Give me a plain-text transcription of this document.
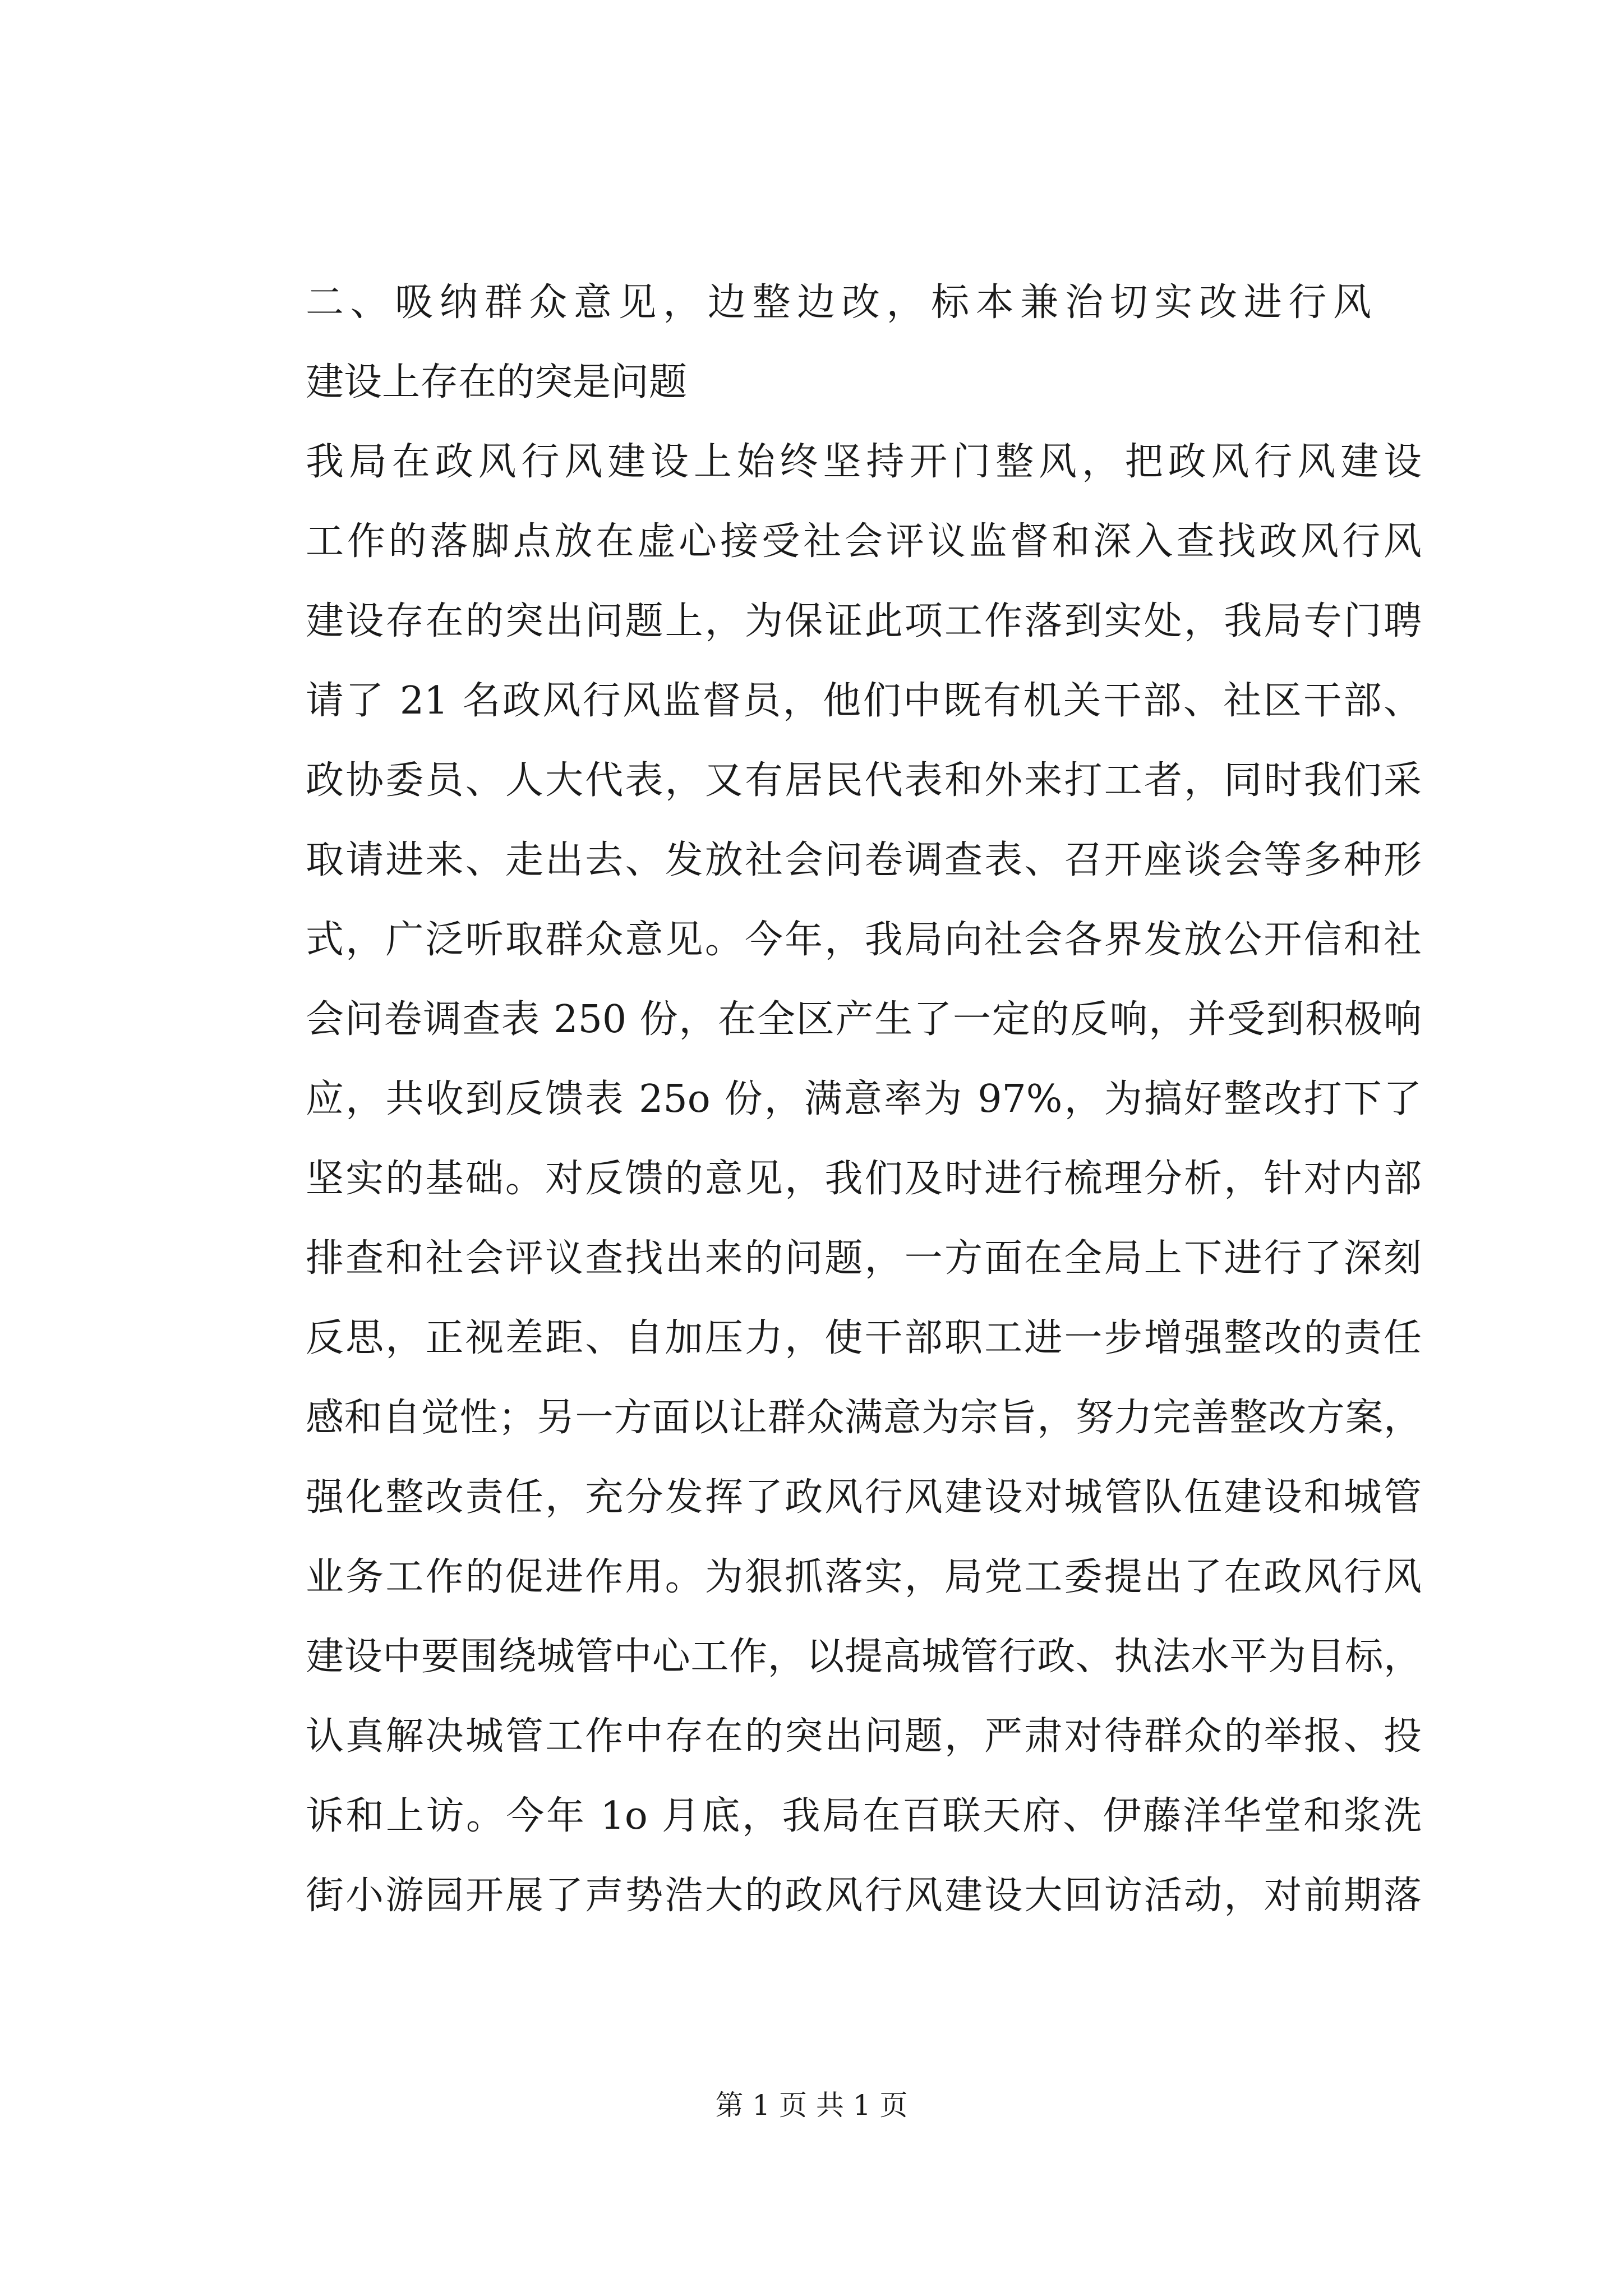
二、吸纳群众意见，边整边改，标本兼治切实改进行风
建设上存在的突是问题
我局在政风行风建设上始终坚持开门整风，把政风行风建设
工作的落脚点放在虚心接受社会评议监督和深入查找政风行风
建设存在的突出问题上，为保证此项工作落到实处，我局专门聘
请了 21 名政风行风监督员，他们中既有机关干部、社区干部、
政协委员、人大代表，又有居民代表和外来打工者，同时我们采
取请进来、走出去、发放社会问卷调查表、召开座谈会等多种形
式，广泛听取群众意见。今年，我局向社会各界发放公开信和社
会问卷调查表 250 份，在全区产生了一定的反响，并受到积极响
应，共收到反馈表 25o 份，满意率为 97%，为搞好整改打下了
坚实的基础。对反馈的意见，我们及时进行梳理分析，针对内部
排查和社会评议查找出来的问题，一方面在全局上下进行了深刻
反思，正视差距、自加压力，使干部职工进一步增强整改的责任
感和自觉性；另一方面以让群众满意为宗旨，努力完善整改方案，
强化整改责任，充分发挥了政风行风建设对城管队伍建设和城管
业务工作的促进作用。为狠抓落实，局党工委提出了在政风行风
建设中要围绕城管中心工作，以提高城管行政、执法水平为目标，
认真解决城管工作中存在的突出问题，严肃对待群众的举报、投
诉和上访。今年 1o 月底，我局在百联天府、伊藤洋华堂和浆洗
街小游园开展了声势浩大的政风行风建设大回访活动，对前期落
第 1 页 共 1 页
